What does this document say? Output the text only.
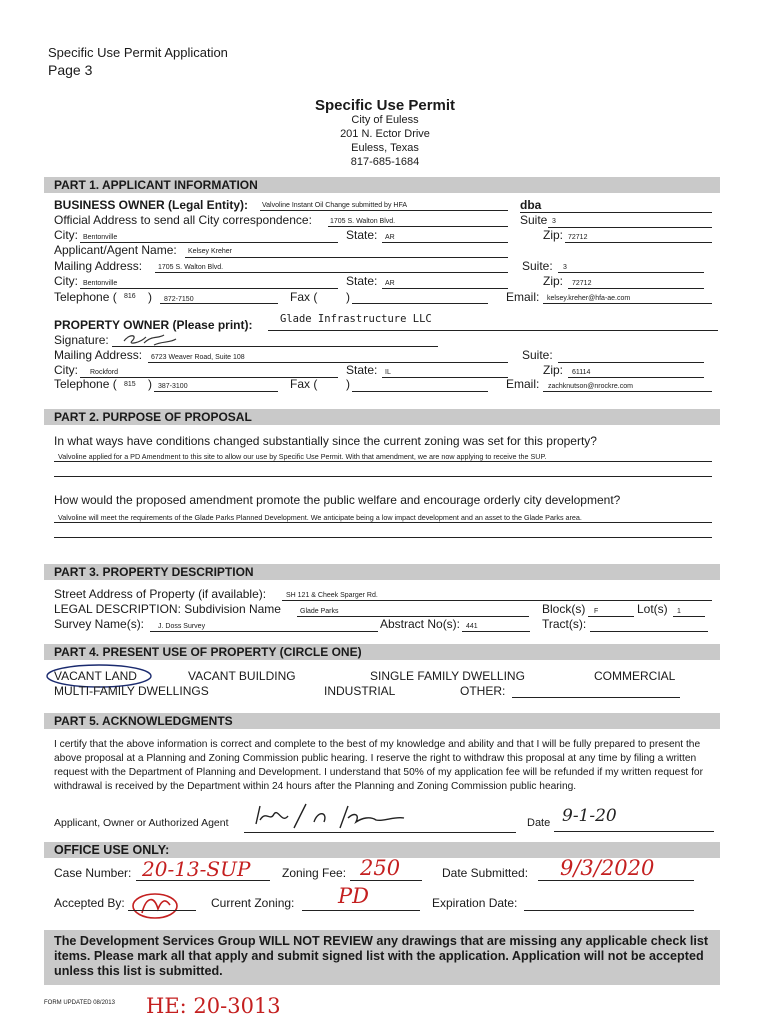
Specific Use Permit Application
Page 3
Specific Use Permit
City of Euless
201 N. Ector Drive
Euless, Texas
817-685-1684
PART 1. APPLICANT INFORMATION
BUSINESS OWNER (Legal Entity): Valvoline Instant Oil Change submitted by HFA	dba
Official Address to send all City correspondence:	1705 S. Walton Blvd.	Suite 3
City: Bentonville	State: AR	Zip: 72712
Applicant/Agent Name: Kelsey Kreher
Mailing Address: 1705 S. Walton Blvd.	Suite: 3
City: Bentonville	State: AR	Zip: 72712
Telephone ( 816 ) 872-7150	Fax ( )	Email: kelsey.kreher@hfa-ae.com
PROPERTY OWNER (Please print):	Glade Infrastructure LLC
Signature:
Mailing Address: 6723 Weaver Road, Suite 108	Suite:
City: Rockford	State: IL	Zip: 61114
Telephone ( 815 ) 387-3100	Fax ( )	Email: zachknutson@nrockre.com
PART 2. PURPOSE OF PROPOSAL
In what ways have conditions changed substantially since the current zoning was set for this property?
Valvoline applied for a PD Amendment to this site to allow our use by Specific Use Permit. With that amendment, we are now applying to receive the SUP.
How would the proposed amendment promote the public welfare and encourage orderly city development?
Valvoline will meet the requirements of the Glade Parks Planned Development. We anticipate being a low impact development and an asset to the Glade Parks area.
PART 3. PROPERTY DESCRIPTION
Street Address of Property (if available):	SH 121 & Cheek Sparger Rd.
LEGAL DESCRIPTION: Subdivision Name	Glade Parks	Block(s) F	Lot(s) 1
Survey Name(s): J. Doss Survey	Abstract No(s): 441	Tract(s):
PART 4. PRESENT USE OF PROPERTY (CIRCLE ONE)
VACANT LAND	VACANT BUILDING	SINGLE FAMILY DWELLING	COMMERCIAL
MULTI-FAMILY DWELLINGS	INDUSTRIAL	OTHER:
PART 5. ACKNOWLEDGMENTS
I certify that the above information is correct and complete to the best of my knowledge and ability and that I will be fully prepared to present the above proposal at a Planning and Zoning Commission public hearing. I reserve the right to withdraw this proposal at any time by filing a written request with the Department of Planning and Development. I understand that 50% of my application fee will be refunded if my written request for withdrawal is received by the Department within 24 hours after the Planning and Zoning Commission public hearing.
Applicant, Owner or Authorized Agent	Date 9-1-20
OFFICE USE ONLY:
Case Number: 20-13-SUP	Zoning Fee: 250	Date Submitted: 9/3/2020
Accepted By:	Current Zoning: PD	Expiration Date:
The Development Services Group WILL NOT REVIEW any drawings that are missing any applicable check list items. Please mark all that apply and submit signed list with the application. Application will not be accepted unless this list is submitted.
FORM UPDATED 08/2013 HE: 20-3013
